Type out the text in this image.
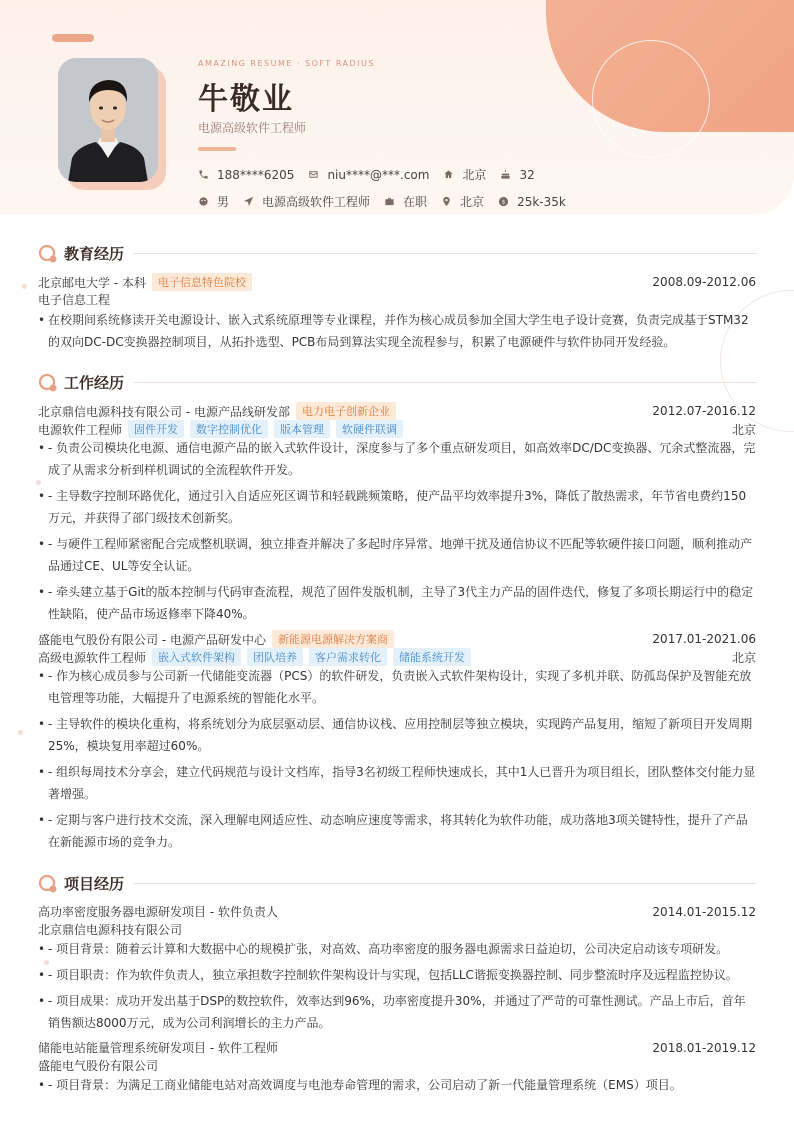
AMAZING RESUME · SOFT RADIUS
牛敬业
电源高级软件工程师
188****6205	niu****@***.com	北京	32
男	电源高级软件工程师	在职	北京 $ 25k-35k
教育经历
北京邮电大学 - 本科	电子信息特色院校	2008.09-2012.06
电子信息工程
• 在校期间系统修读开关电源设计、嵌入式系统原理等专业课程，并作为核心成员参加全国大学生电子设计竞赛，负责完成基于STM32的双向DC-DC变换器控制项目，从拓扑选型、PCB布局到算法实现全流程参与，积累了电源硬件与软件协同开发经验。
工作经历
北京鼎信电源科技有限公司 - 电源产品线研发部	电力电子创新企业	2012.07-2016.12
电源软件工程师	固件开发	数字控制优化	版本管理	软硬件联调	北京
• - 负责公司模块化电源、通信电源产品的嵌入式软件设计，深度参与了多个重点研发项目，如高效率DC/DC变换器、冗余式整流器，完成了从需求分析到样机调试的全流程软件开发。
• - 主导数字控制环路优化，通过引入自适应死区调节和轻载跳频策略，使产品平均效率提升3%，降低了散热需求，年节省电费约150万元，并获得了部门级技术创新奖。
• - 与硬件工程师紧密配合完成整机联调，独立排查并解决了多起时序异常、地弹干扰及通信协议不匹配等软硬件接口问题，顺利推动产品通过CE、UL等安全认证。
• - 牵头建立基于Git的版本控制与代码审查流程，规范了固件发版机制，主导了3代主力产品的固件迭代，修复了多项长期运行中的稳定性缺陷，使产品市场返修率下降40%。
盛能电气股份有限公司 - 电源产品研发中心	新能源电源解决方案商	2017.01-2021.06
高级电源软件工程师	嵌入式软件架构	团队培养	客户需求转化	储能系统开发	北京
• - 作为核心成员参与公司新一代储能变流器（PCS）的软件研发，负责嵌入式软件架构设计，实现了多机并联、防孤岛保护及智能充放电管理等功能，大幅提升了电源系统的智能化水平。
• - 主导软件的模块化重构，将系统划分为底层驱动层、通信协议栈、应用控制层等独立模块，实现跨产品复用，缩短了新项目开发周期25%，模块复用率超过60%。
• - 组织每周技术分享会，建立代码规范与设计文档库，指导3名初级工程师快速成长，其中1人已晋升为项目组长，团队整体交付能力显著增强。
• - 定期与客户进行技术交流，深入理解电网适应性、动态响应速度等需求，将其转化为软件功能，成功落地3项关键特性，提升了产品在新能源市场的竞争力。
项目经历
高功率密度服务器电源研发项目 - 软件负责人	2014.01-2015.12
北京鼎信电源科技有限公司
• - 项目背景：随着云计算和大数据中心的规模扩张，对高效、高功率密度的服务器电源需求日益迫切，公司决定启动该专项研发。
• - 项目职责：作为软件负责人，独立承担数字控制软件架构设计与实现，包括LLC谐振变换器控制、同步整流时序及远程监控协议。
• - 项目成果：成功开发出基于DSP的数控软件，效率达到96%，功率密度提升30%，并通过了严苛的可靠性测试。产品上市后，首年销售额达8000万元，成为公司利润增长的主力产品。
储能电站能量管理系统研发项目 - 软件工程师	2018.01-2019.12
盛能电气股份有限公司
• - 项目背景：为满足工商业储能电站对高效调度与电池寿命管理的需求，公司启动了新一代能量管理系统（EMS）项目。
